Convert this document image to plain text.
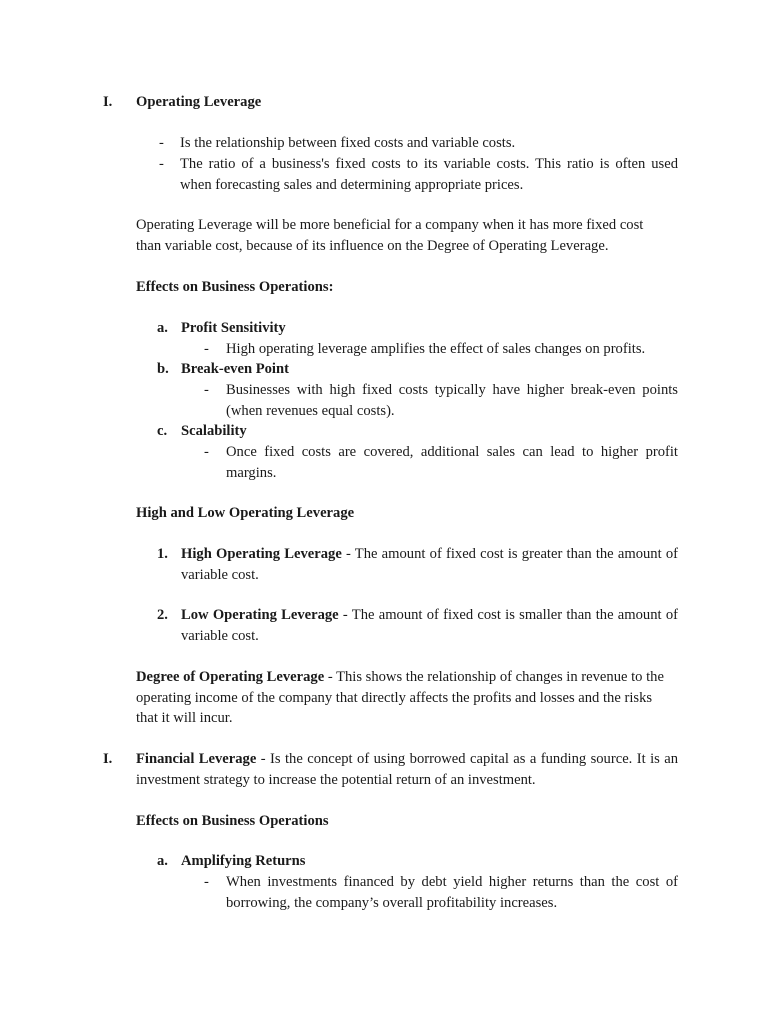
I. Operating Leverage
- Is the relationship between fixed costs and variable costs.
- The ratio of a business's fixed costs to its variable costs. This ratio is often used when forecasting sales and determining appropriate prices.
Operating Leverage will be more beneficial for a company when it has more fixed cost than variable cost, because of its influence on the Degree of Operating Leverage.
Effects on Business Operations:
a. Profit Sensitivity
- High operating leverage amplifies the effect of sales changes on profits.
b. Break-even Point
- Businesses with high fixed costs typically have higher break-even points (when revenues equal costs).
c. Scalability
- Once fixed costs are covered, additional sales can lead to higher profit margins.
High and Low Operating Leverage
1. High Operating Leverage - The amount of fixed cost is greater than the amount of variable cost.
2. Low Operating Leverage - The amount of fixed cost is smaller than the amount of variable cost.
Degree of Operating Leverage - This shows the relationship of changes in revenue to the operating income of the company that directly affects the profits and losses and the risks that it will incur.
I. Financial Leverage - Is the concept of using borrowed capital as a funding source. It is an investment strategy to increase the potential return of an investment.
Effects on Business Operations
a. Amplifying Returns
- When investments financed by debt yield higher returns than the cost of borrowing, the company’s overall profitability increases.
